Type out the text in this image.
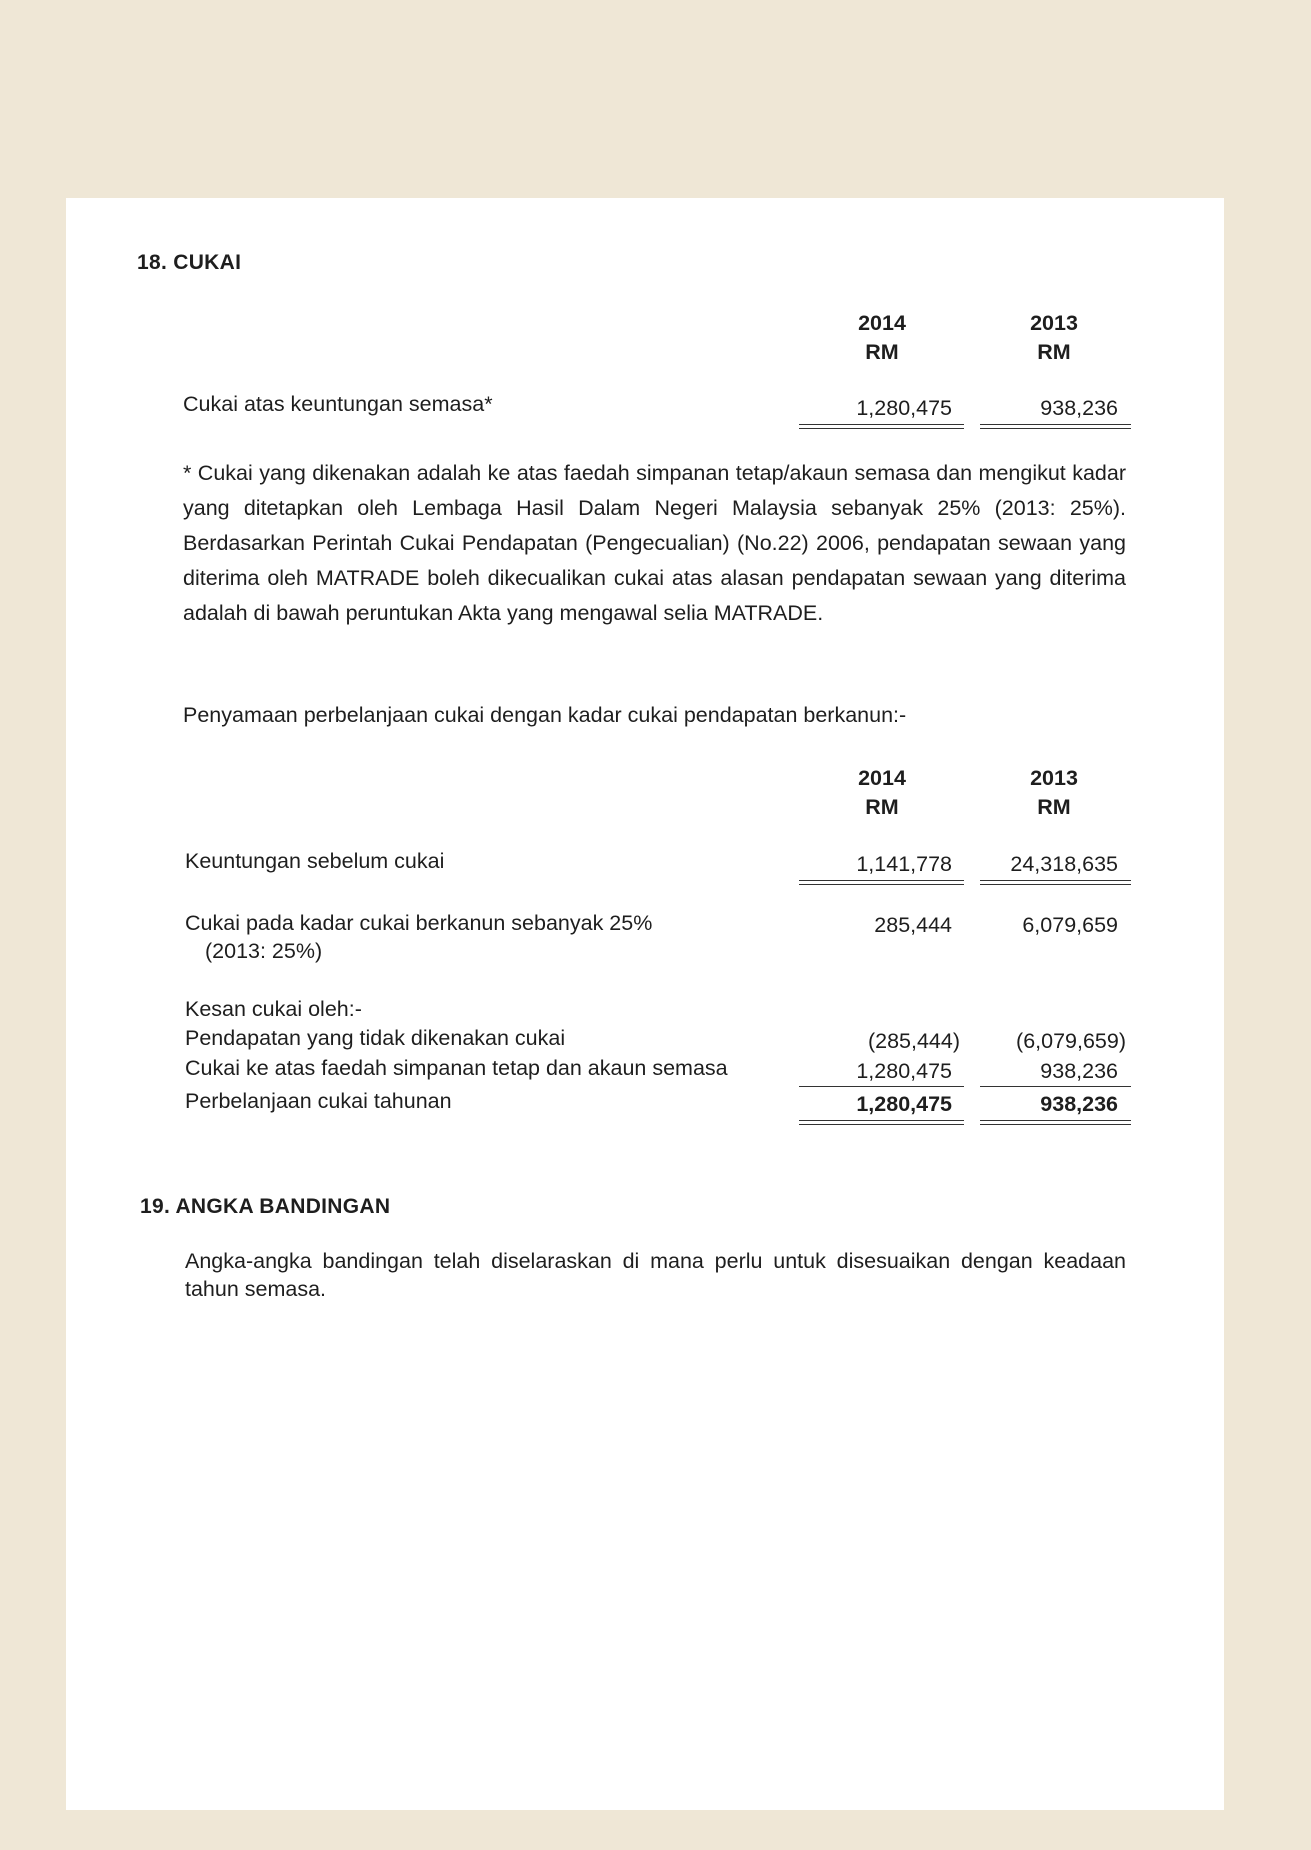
18. CUKAI
2014
RM
2013
RM
Cukai atas keuntungan semasa*	1,280,475	938,236
* Cukai yang dikenakan adalah ke atas faedah simpanan tetap/akaun semasa dan mengikut kadar yang ditetapkan oleh Lembaga Hasil Dalam Negeri Malaysia sebanyak 25% (2013: 25%). Berdasarkan Perintah Cukai Pendapatan (Pengecualian) (No.22) 2006, pendapatan sewaan yang diterima oleh MATRADE boleh dikecualikan cukai atas alasan pendapatan sewaan yang diterima adalah di bawah peruntukan Akta yang mengawal selia MATRADE.
Penyamaan perbelanjaan cukai dengan kadar cukai pendapatan berkanun:-
2014
RM
2013
RM
Keuntungan sebelum cukai	1,141,778	24,318,635
Cukai pada kadar cukai berkanun sebanyak 25%
(2013: 25%)
285,444	6,079,659
Kesan cukai oleh:-
Pendapatan yang tidak dikenakan cukai	(285,444)	(6,079,659)
Cukai ke atas faedah simpanan tetap dan akaun semasa	1,280,475	938,236
Perbelanjaan cukai tahunan	1,280,475	938,236
19. ANGKA BANDINGAN
Angka-angka bandingan telah diselaraskan di mana perlu untuk disesuaikan dengan keadaan tahun semasa.
